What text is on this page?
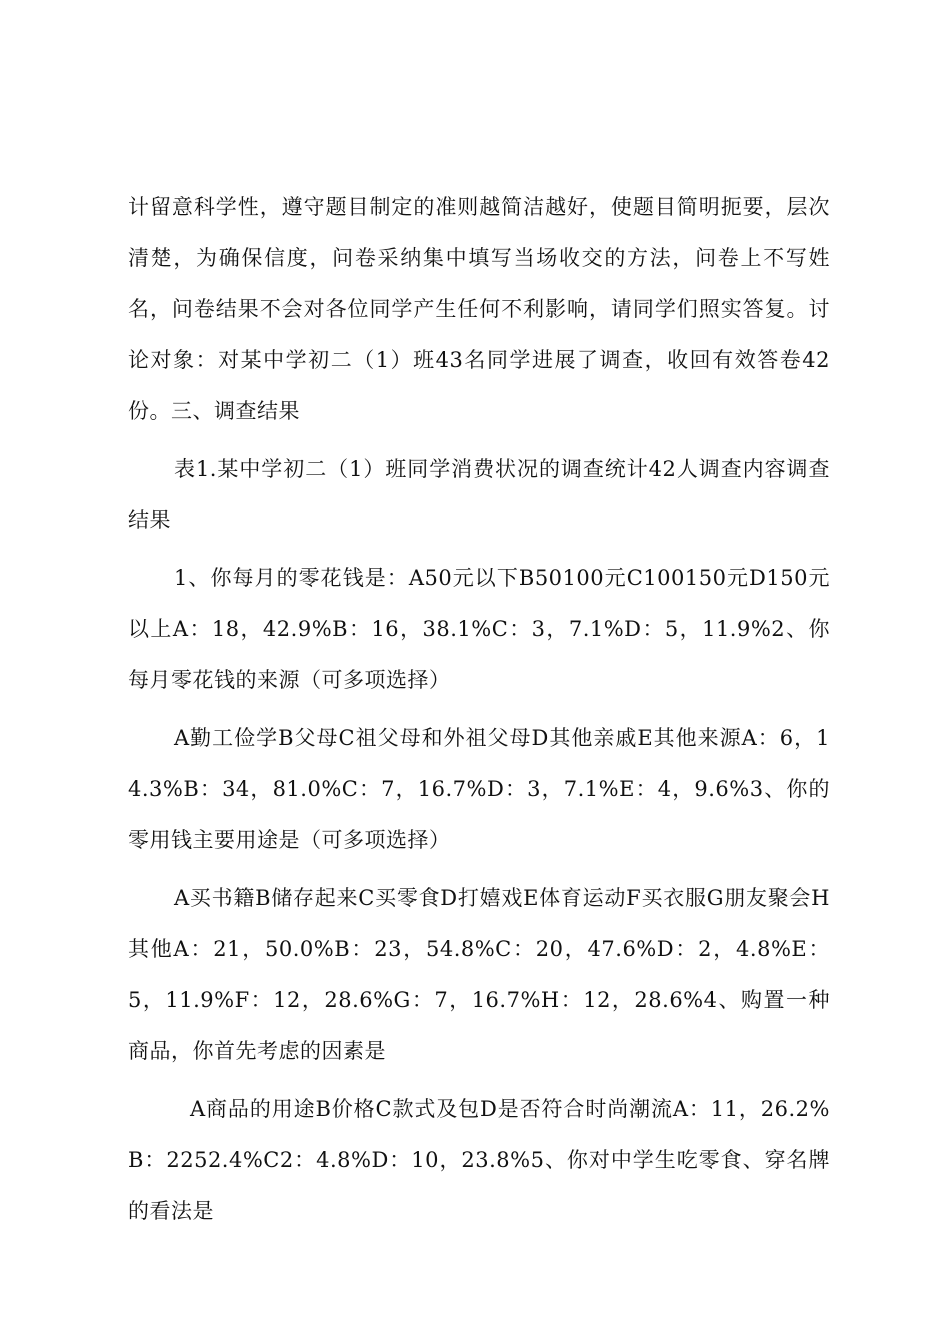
计留意科学性，遵守题目制定的准则越简洁越好，使题目简明扼要，层次清楚，为确保信度，问卷采纳集中填写当场收交的方法，问卷上不写姓名，问卷结果不会对各位同学产生任何不利影响，请同学们照实答复。讨论对象：对某中学初二（1）班43名同学进展了调查，收回有效答卷42份。三、调查结果

表1.某中学初二（1）班同学消费状况的调查统计42人调查内容调查结果

1、你每月的零花钱是：A50元以下B50100元C100150元D150元以上A：18，42.9%B：16，38.1%C：3，7.1%D：5，11.9%2、你每月零花钱的来源（可多项选择）

A勤工俭学B父母C祖父母和外祖父母D其他亲戚E其他来源A：6，14.3%B：34，81.0%C：7，16.7%D：3，7.1%E：4，9.6%3、你的零用钱主要用途是（可多项选择）

A买书籍B储存起来C买零食D打嬉戏E体育运动F买衣服G朋友聚会H其他A：21，50.0%B：23，54.8%C：20，47.6%D：2，4.8%E：5，11.9%F：12，28.6%G：7，16.7%H：12，28.6%4、购置一种商品，你首先考虑的因素是

A商品的用途B价格C款式及包D是否符合时尚潮流A：11，26.2%B：2252.4%C2：4.8%D：10，23.8%5、你对中学生吃零食、穿名牌的看法是
